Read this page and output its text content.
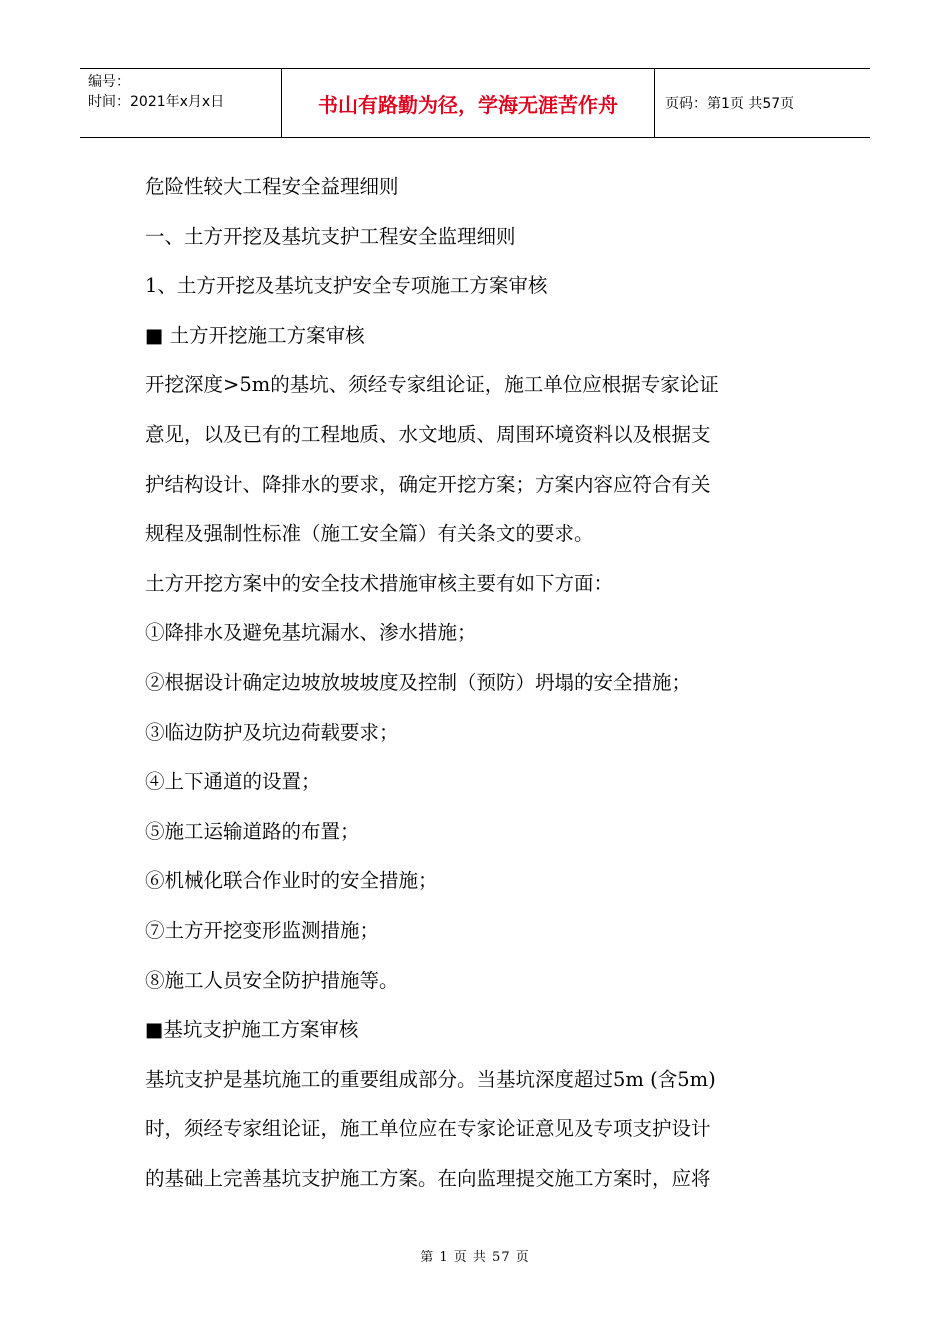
编号：
时间：2021年x月x日	书山有路勤为径，学海无涯苦作舟	页码：第1页 共57页

危险性较大工程安全益理细则

一、土方开挖及基坑支护工程安全监理细则

1、土方开挖及基坑支护安全专项施工方案审核

■ 土方开挖施工方案审核

开挖深度>5m的基坑、须经专家组论证，施工单位应根据专家论证

意见，以及已有的工程地质、水文地质、周围环境资料以及根据支

护结构设计、降排水的要求，确定开挖方案；方案内容应符合有关

规程及强制性标准（施工安全篇）有关条文的要求。

土方开挖方案中的安全技术措施审核主要有如下方面：

①降排水及避免基坑漏水、渗水措施；

②根据设计确定边坡放坡坡度及控制（预防）坍塌的安全措施；

③临边防护及坑边荷载要求；

④上下通道的设置；

⑤施工运输道路的布置；

⑥机械化联合作业时的安全措施；

⑦土方开挖变形监测措施；

⑧施工人员安全防护措施等。

■基坑支护施工方案审核

基坑支护是基坑施工的重要组成部分。当基坑深度超过5m (含5m)

时，须经专家组论证，施工单位应在专家论证意见及专项支护设计

的基础上完善基坑支护施工方案。在向监理提交施工方案时，应将

第 1 页 共 57 页
